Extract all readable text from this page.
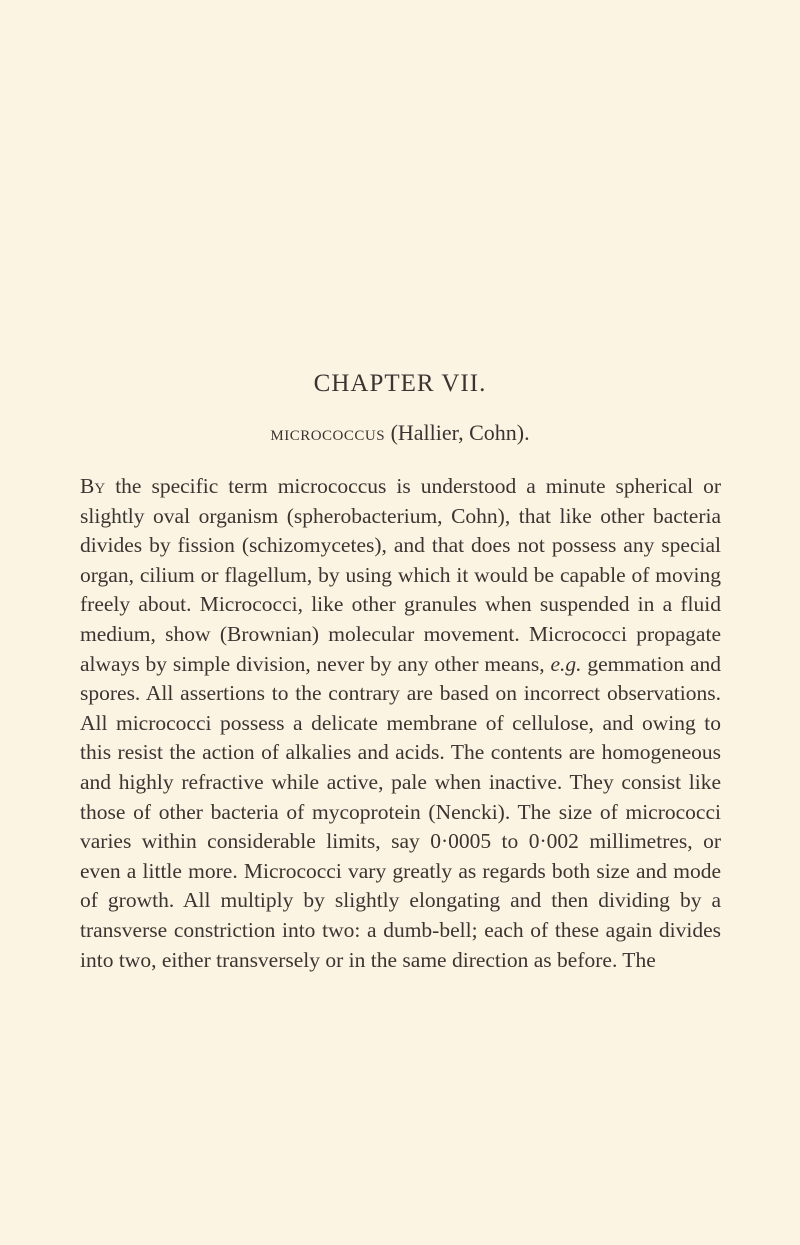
CHAPTER VII.
micrococcus (Hallier, Cohn).

By the specific term micrococcus is understood a minute spherical or slightly oval organism (spherobacterium, Cohn), that like other bacteria divides by fission (schizomycetes), and that does not possess any special organ, cilium or flagellum, by using which it would be capable of moving freely about. Micrococci, like other granules when suspended in a fluid medium, show (Brownian) molecular movement. Micrococci propagate always by simple division, never by any other means, e.g. gemmation and spores. All assertions to the contrary are based on incorrect observations. All micrococci possess a delicate membrane of cellulose, and owing to this resist the action of alkalies and acids. The contents are homogeneous and highly refractive while active, pale when inactive. They consist like those of other bacteria of mycoprotein (Nencki). The size of micrococci varies within considerable limits, say 0·0005 to 0·002 millimetres, or even a little more. Micrococci vary greatly as regards both size and mode of growth. All multiply by slightly elongating and then dividing by a transverse constriction into two: a dumb-bell; each of these again divides into two, either transversely or in the same direction as before. The
